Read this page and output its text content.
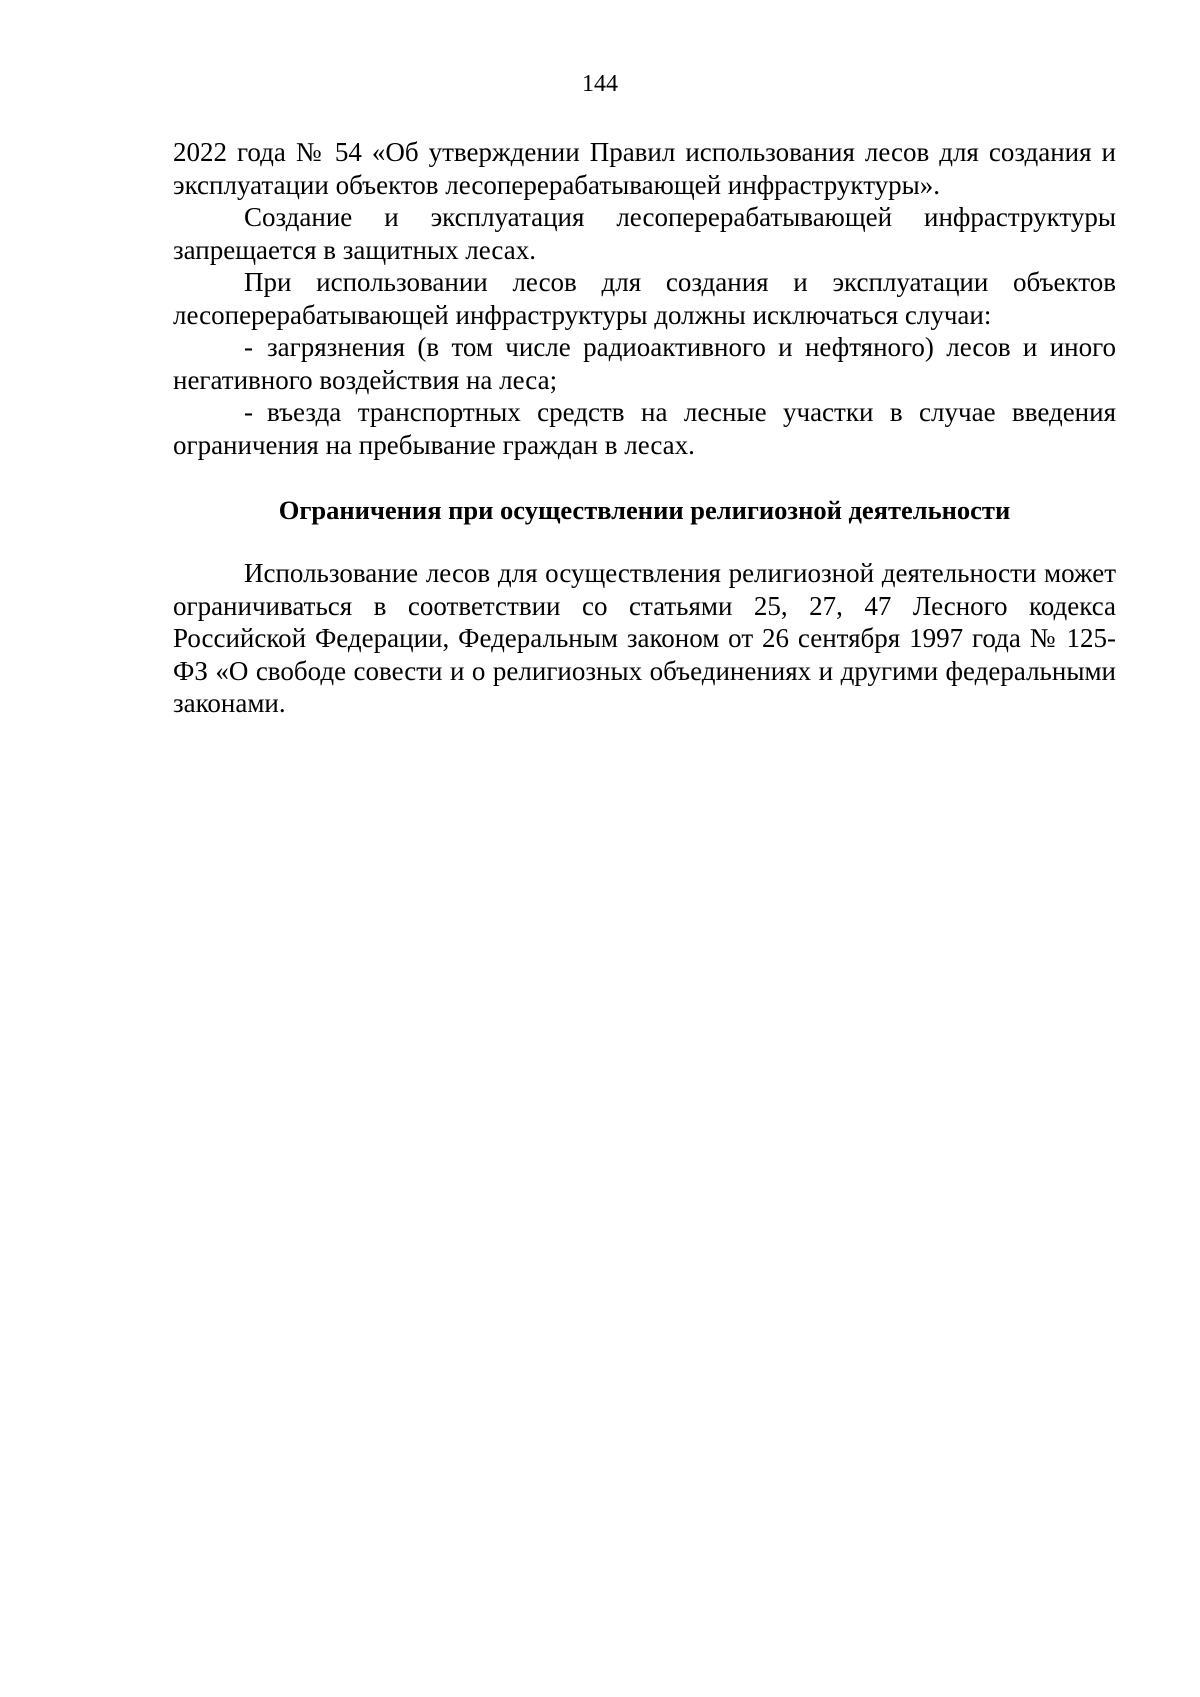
144

2022 года № 54 «Об утверждении Правил использования лесов для создания и эксплуатации объектов лесоперерабатывающей инфраструктуры».

Создание и эксплуатация лесоперерабатывающей инфраструктуры запрещается в защитных лесах.

При использовании лесов для создания и эксплуатации объектов лесоперерабатывающей инфраструктуры должны исключаться случаи:

- загрязнения (в том числе радиоактивного и нефтяного) лесов и иного негативного воздействия на леса;

- въезда транспортных средств на лесные участки в случае введения ограничения на пребывание граждан в лесах.

Ограничения при осуществлении религиозной деятельности

Использование лесов для осуществления религиозной деятельности может ограничиваться в соответствии со статьями 25, 27, 47 Лесного кодекса Российской Федерации, Федеральным законом от 26 сентября 1997 года № 125-ФЗ «О свободе совести и о религиозных объединениях и другими федеральными законами.
